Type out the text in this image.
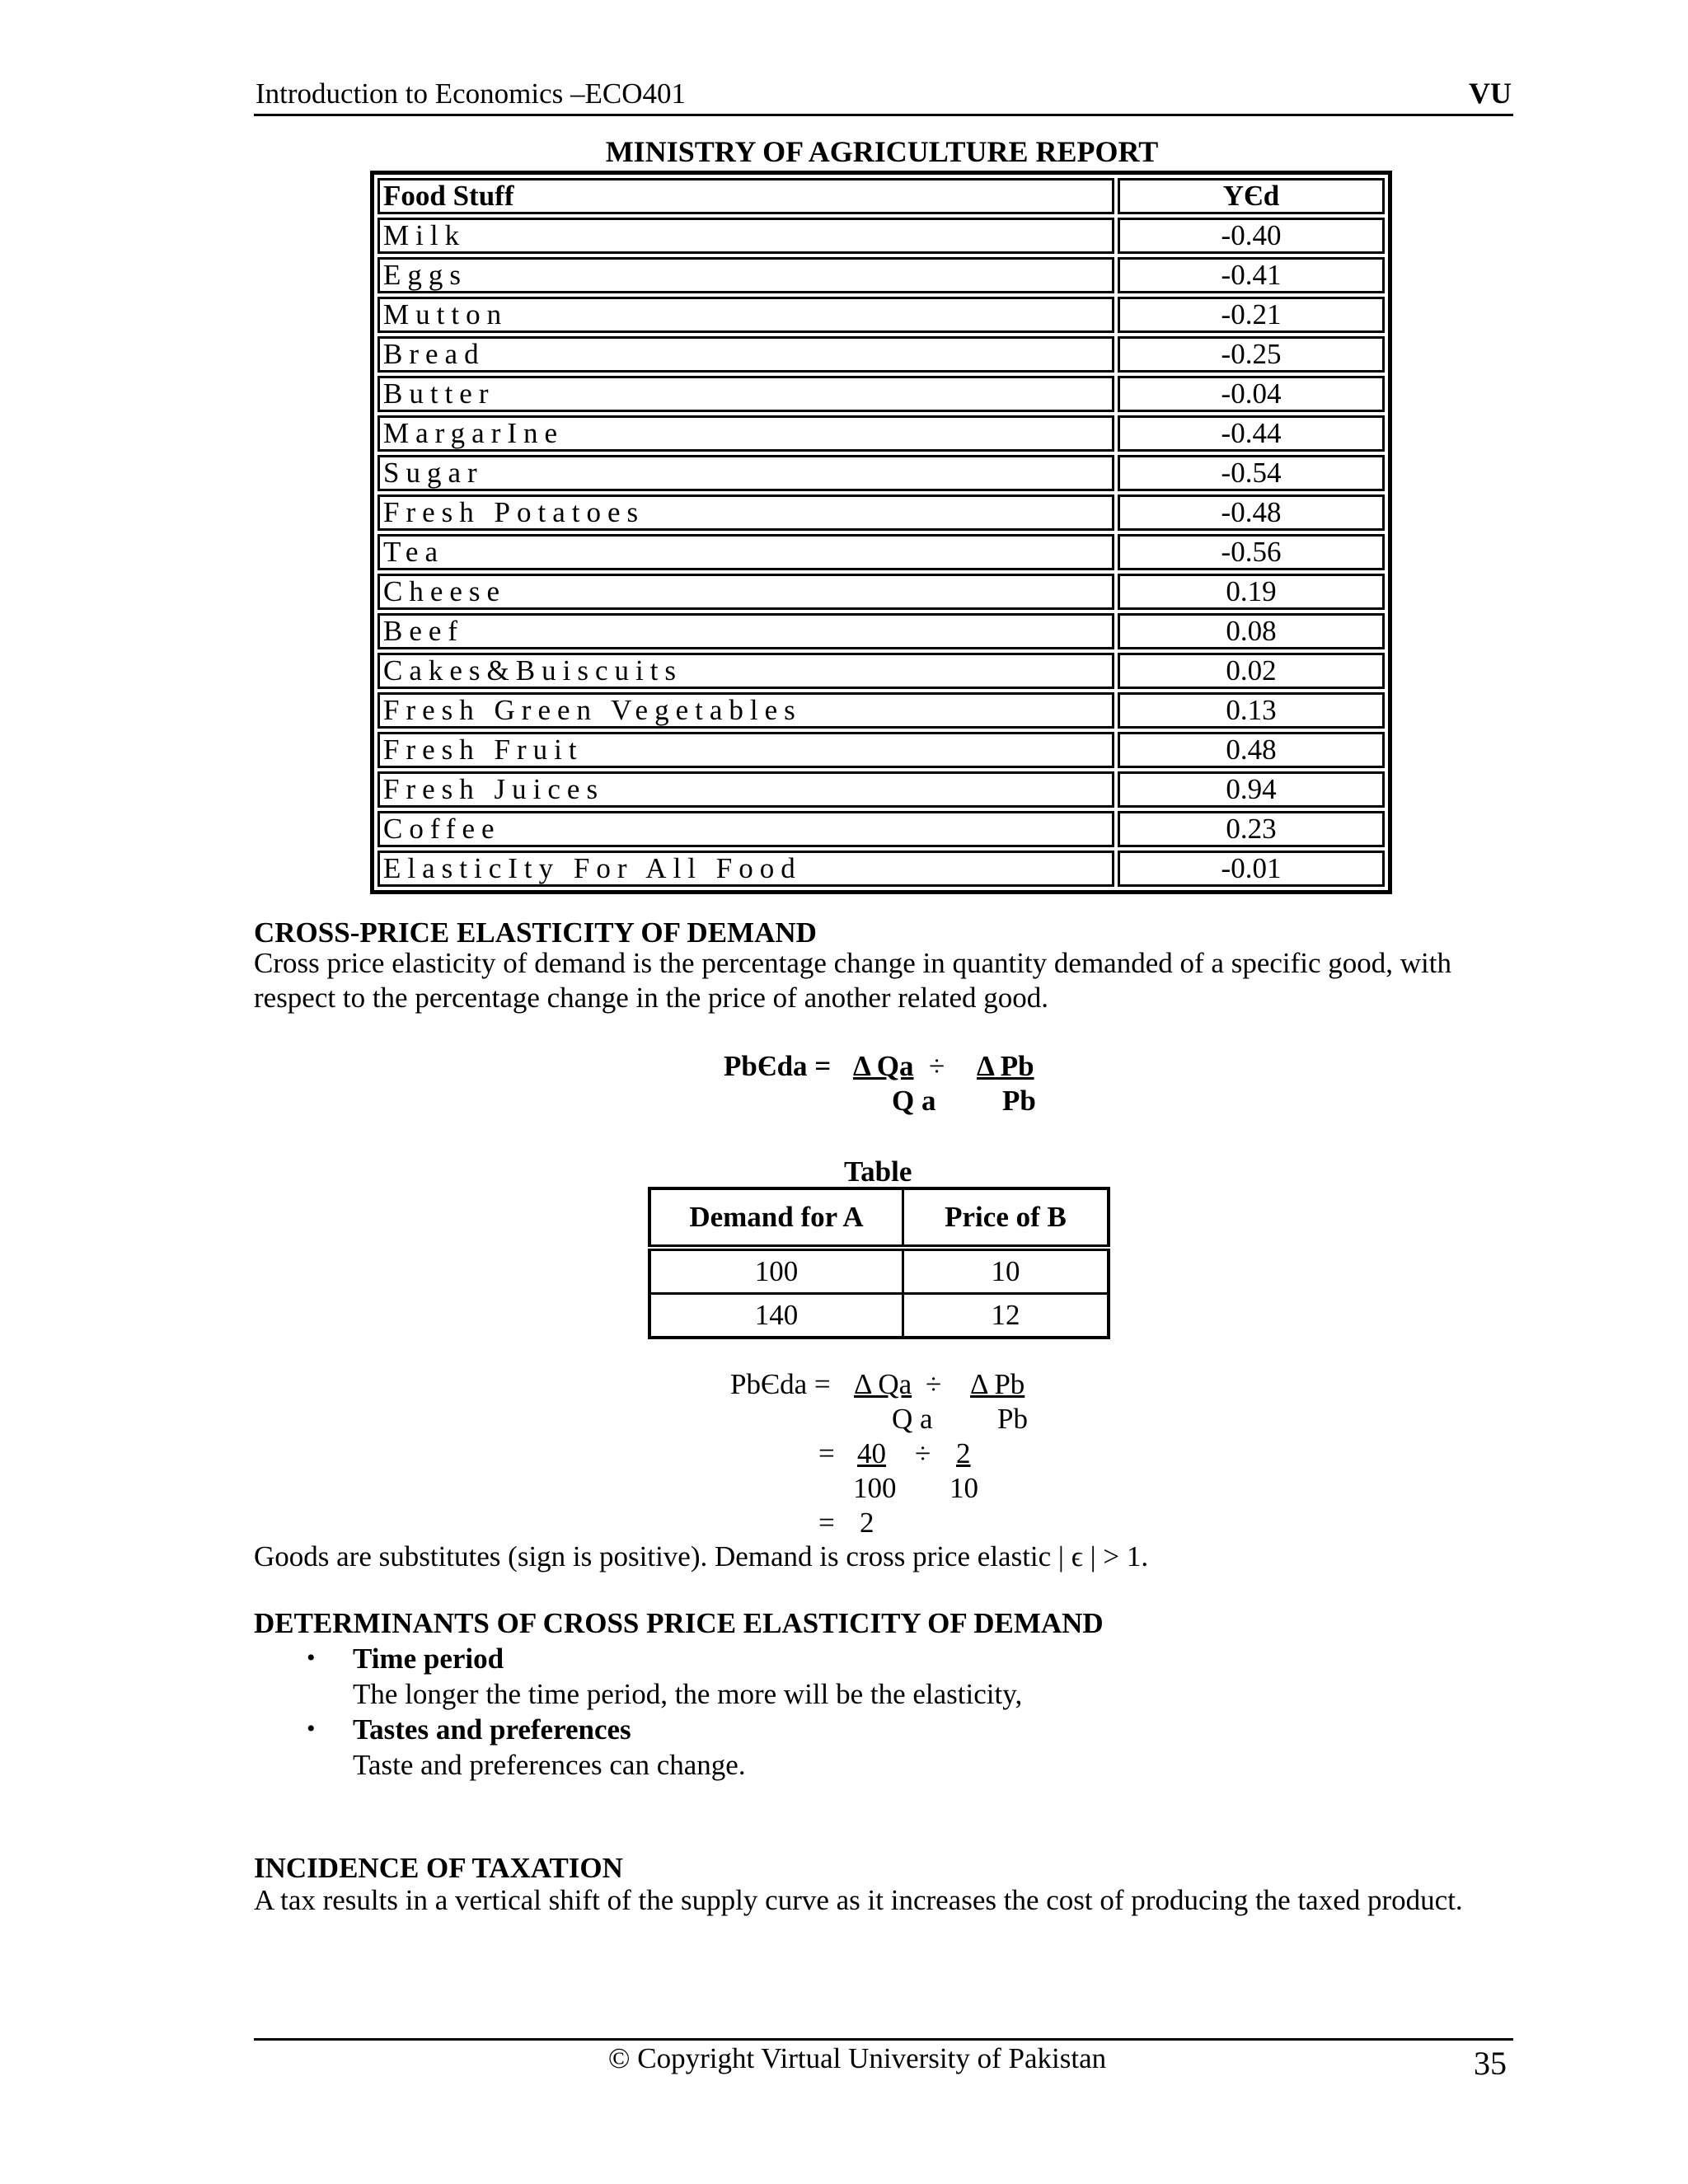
Introduction to Economics –ECO401	VU
MINISTRY OF AGRICULTURE REPORT
Food Stuff	YЄd
Milk	-0.40
Eggs	-0.41
Mutton	-0.21
Bread	-0.25
Butter	-0.04
MargarIne	-0.44
Sugar	-0.54
Fresh Potatoes	-0.48
Tea	-0.56
Cheese	0.19
Beef	0.08
Cakes&Buiscuits	0.02
Fresh Green Vegetables	0.13
Fresh Fruit	0.48
Fresh Juices	0.94
Coffee	0.23
ElasticIty For All Food	-0.01
CROSS-PRICE ELASTICITY OF DEMAND
Cross price elasticity of demand is the percentage change in quantity demanded of a specific good, with respect to the percentage change in the price of another related good.
PbЄda = Δ Qa ÷ Δ Pb
Q a Pb
Table
Demand for A	Price of B
100	10
140	12
PbЄda = Δ Qa ÷ Δ Pb
Q a Pb
= 40 ÷ 2
100 10
= 2
Goods are substitutes (sign is positive). Demand is cross price elastic | ϵ | > 1.
DETERMINANTS OF CROSS PRICE ELASTICITY OF DEMAND
• Time period
The longer the time period, the more will be the elasticity,
• Tastes and preferences
Taste and preferences can change.
INCIDENCE OF TAXATION
A tax results in a vertical shift of the supply curve as it increases the cost of producing the taxed product.
© Copyright Virtual University of Pakistan	35
